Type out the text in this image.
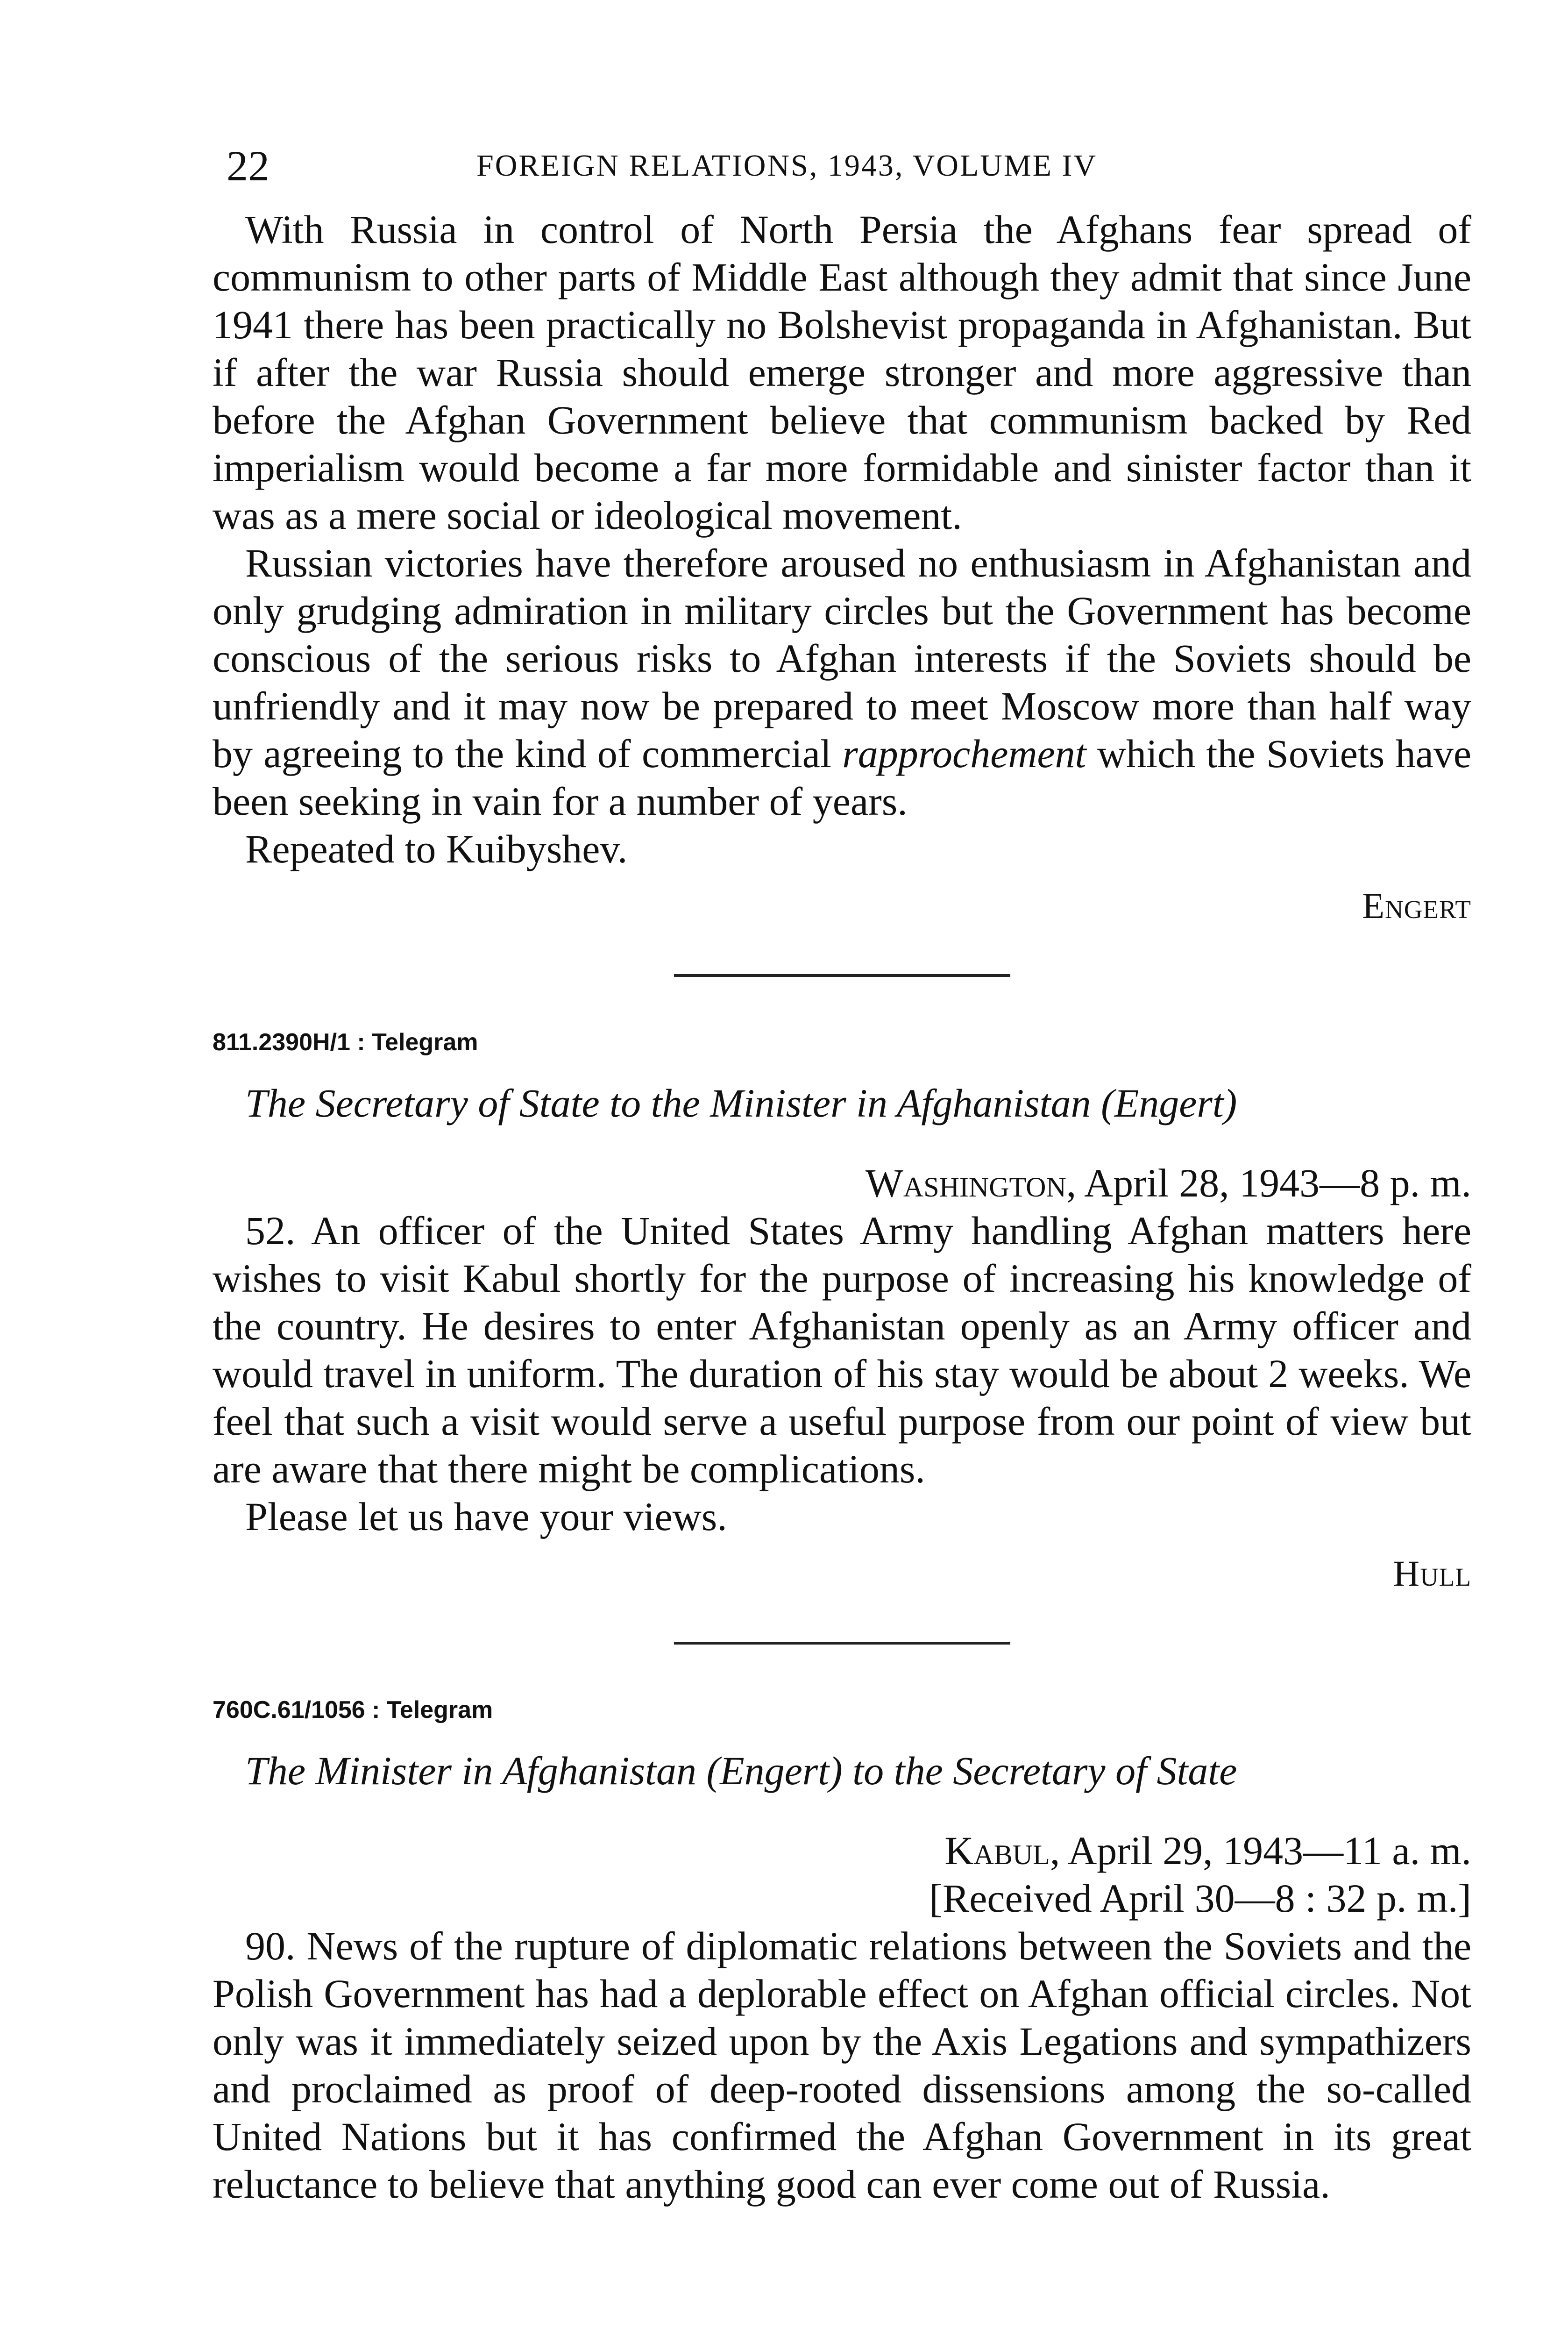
22	FOREIGN RELATIONS, 1943, VOLUME IV

With Russia in control of North Persia the Afghans fear spread of communism to other parts of Middle East although they admit that since June 1941 there has been practically no Bolshevist propaganda in Afghanistan. But if after the war Russia should emerge stronger and more aggressive than before the Afghan Government believe that communism backed by Red imperialism would become a far more formidable and sinister factor than it was as a mere social or ideological movement.

Russian victories have therefore aroused no enthusiasm in Afghanistan and only grudging admiration in military circles but the Government has become conscious of the serious risks to Afghan interests if the Soviets should be unfriendly and it may now be prepared to meet Moscow more than half way by agreeing to the kind of commercial rapprochement which the Soviets have been seeking in vain for a number of years.

Repeated to Kuibyshev.

Engert
811.2390H/1 : Telegram
The Secretary of State to the Minister in Afghanistan (Engert)
Washington, April 28, 1943—8 p. m.

52. An officer of the United States Army handling Afghan matters here wishes to visit Kabul shortly for the purpose of increasing his knowledge of the country. He desires to enter Afghanistan openly as an Army officer and would travel in uniform. The duration of his stay would be about 2 weeks. We feel that such a visit would serve a useful purpose from our point of view but are aware that there might be complications.

Please let us have your views.

Hull
760C.61/1056 : Telegram
The Minister in Afghanistan (Engert) to the Secretary of State
Kabul, April 29, 1943—11 a. m.
[Received April 30—8 : 32 p. m.]

90. News of the rupture of diplomatic relations between the Soviets and the Polish Government has had a deplorable effect on Afghan official circles. Not only was it immediately seized upon by the Axis Legations and sympathizers and proclaimed as proof of deep-rooted dissensions among the so-called United Nations but it has confirmed the Afghan Government in its great reluctance to believe that anything good can ever come out of Russia.
